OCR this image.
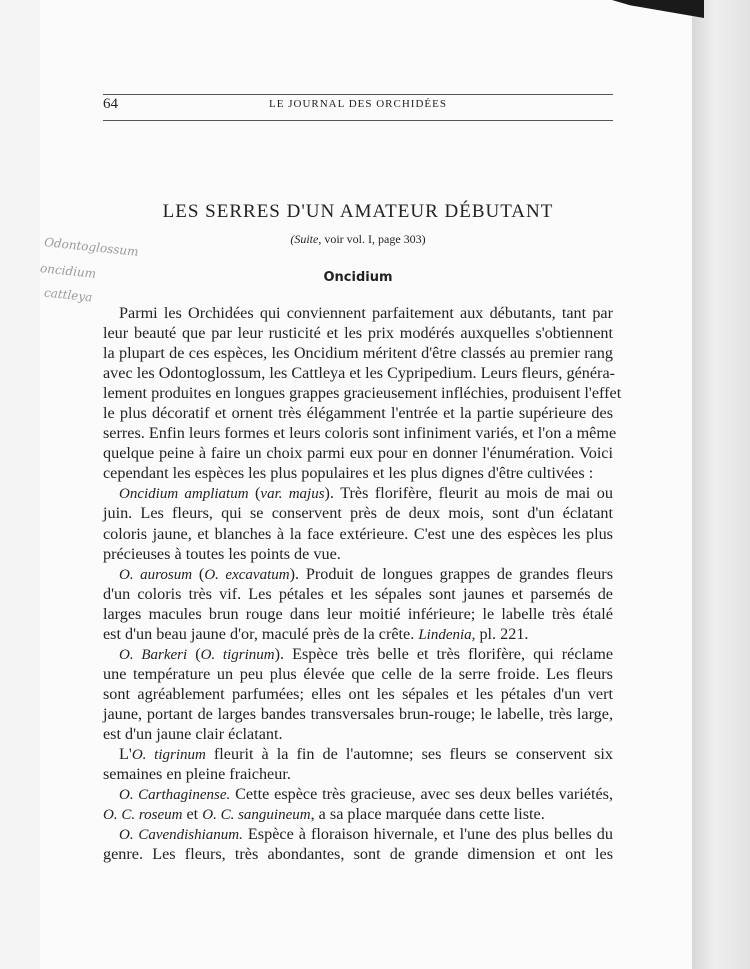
64	LE JOURNAL DES ORCHIDÉES
LES SERRES D'UN AMATEUR DÉBUTANT
(Suite, voir vol. I, page 303)
Oncidium
Odontoglossum
oncidium
cattleya
Parmi les Orchidées qui conviennent parfaitement aux débutants, tant par
leur beauté que par leur rusticité et les prix modérés auxquelles s'obtiennent
la plupart de ces espèces, les Oncidium méritent d'être classés au premier rang
avec les Odontoglossum, les Cattleya et les Cypripedium. Leurs fleurs, généra-
lement produites en longues grappes gracieusement infléchies, produisent l'effet
le plus décoratif et ornent très élégamment l'entrée et la partie supérieure des
serres. Enfin leurs formes et leurs coloris sont infiniment variés, et l'on a même
quelque peine à faire un choix parmi eux pour en donner l'énumération. Voici
cependant les espèces les plus populaires et les plus dignes d'être cultivées :
Oncidium ampliatum (var. majus). Très florifère, fleurit au mois de mai ou
juin. Les fleurs, qui se conservent près de deux mois, sont d'un éclatant
coloris jaune, et blanches à la face extérieure. C'est une des espèces les plus
précieuses à toutes les points de vue.
O. aurosum (O. excavatum). Produit de longues grappes de grandes fleurs
d'un coloris très vif. Les pétales et les sépales sont jaunes et parsemés de
larges macules brun rouge dans leur moitié inférieure; le labelle très étalé
est d'un beau jaune d'or, maculé près de la crête. Lindenia, pl. 221.
O. Barkeri (O. tigrinum). Espèce très belle et très florifère, qui réclame
une température un peu plus élevée que celle de la serre froide. Les fleurs
sont agréablement parfumées; elles ont les sépales et les pétales d'un vert
jaune, portant de larges bandes transversales brun-rouge; le labelle, très large,
est d'un jaune clair éclatant.
L'O. tigrinum fleurit à la fin de l'automne; ses fleurs se conservent six
semaines en pleine fraicheur.
O. Carthaginense. Cette espèce très gracieuse, avec ses deux belles variétés,
O. C. roseum et O. C. sanguineum, a sa place marquée dans cette liste.
O. Cavendishianum. Espèce à floraison hivernale, et l'une des plus belles du
genre. Les fleurs, très abondantes, sont de grande dimension et ont les
